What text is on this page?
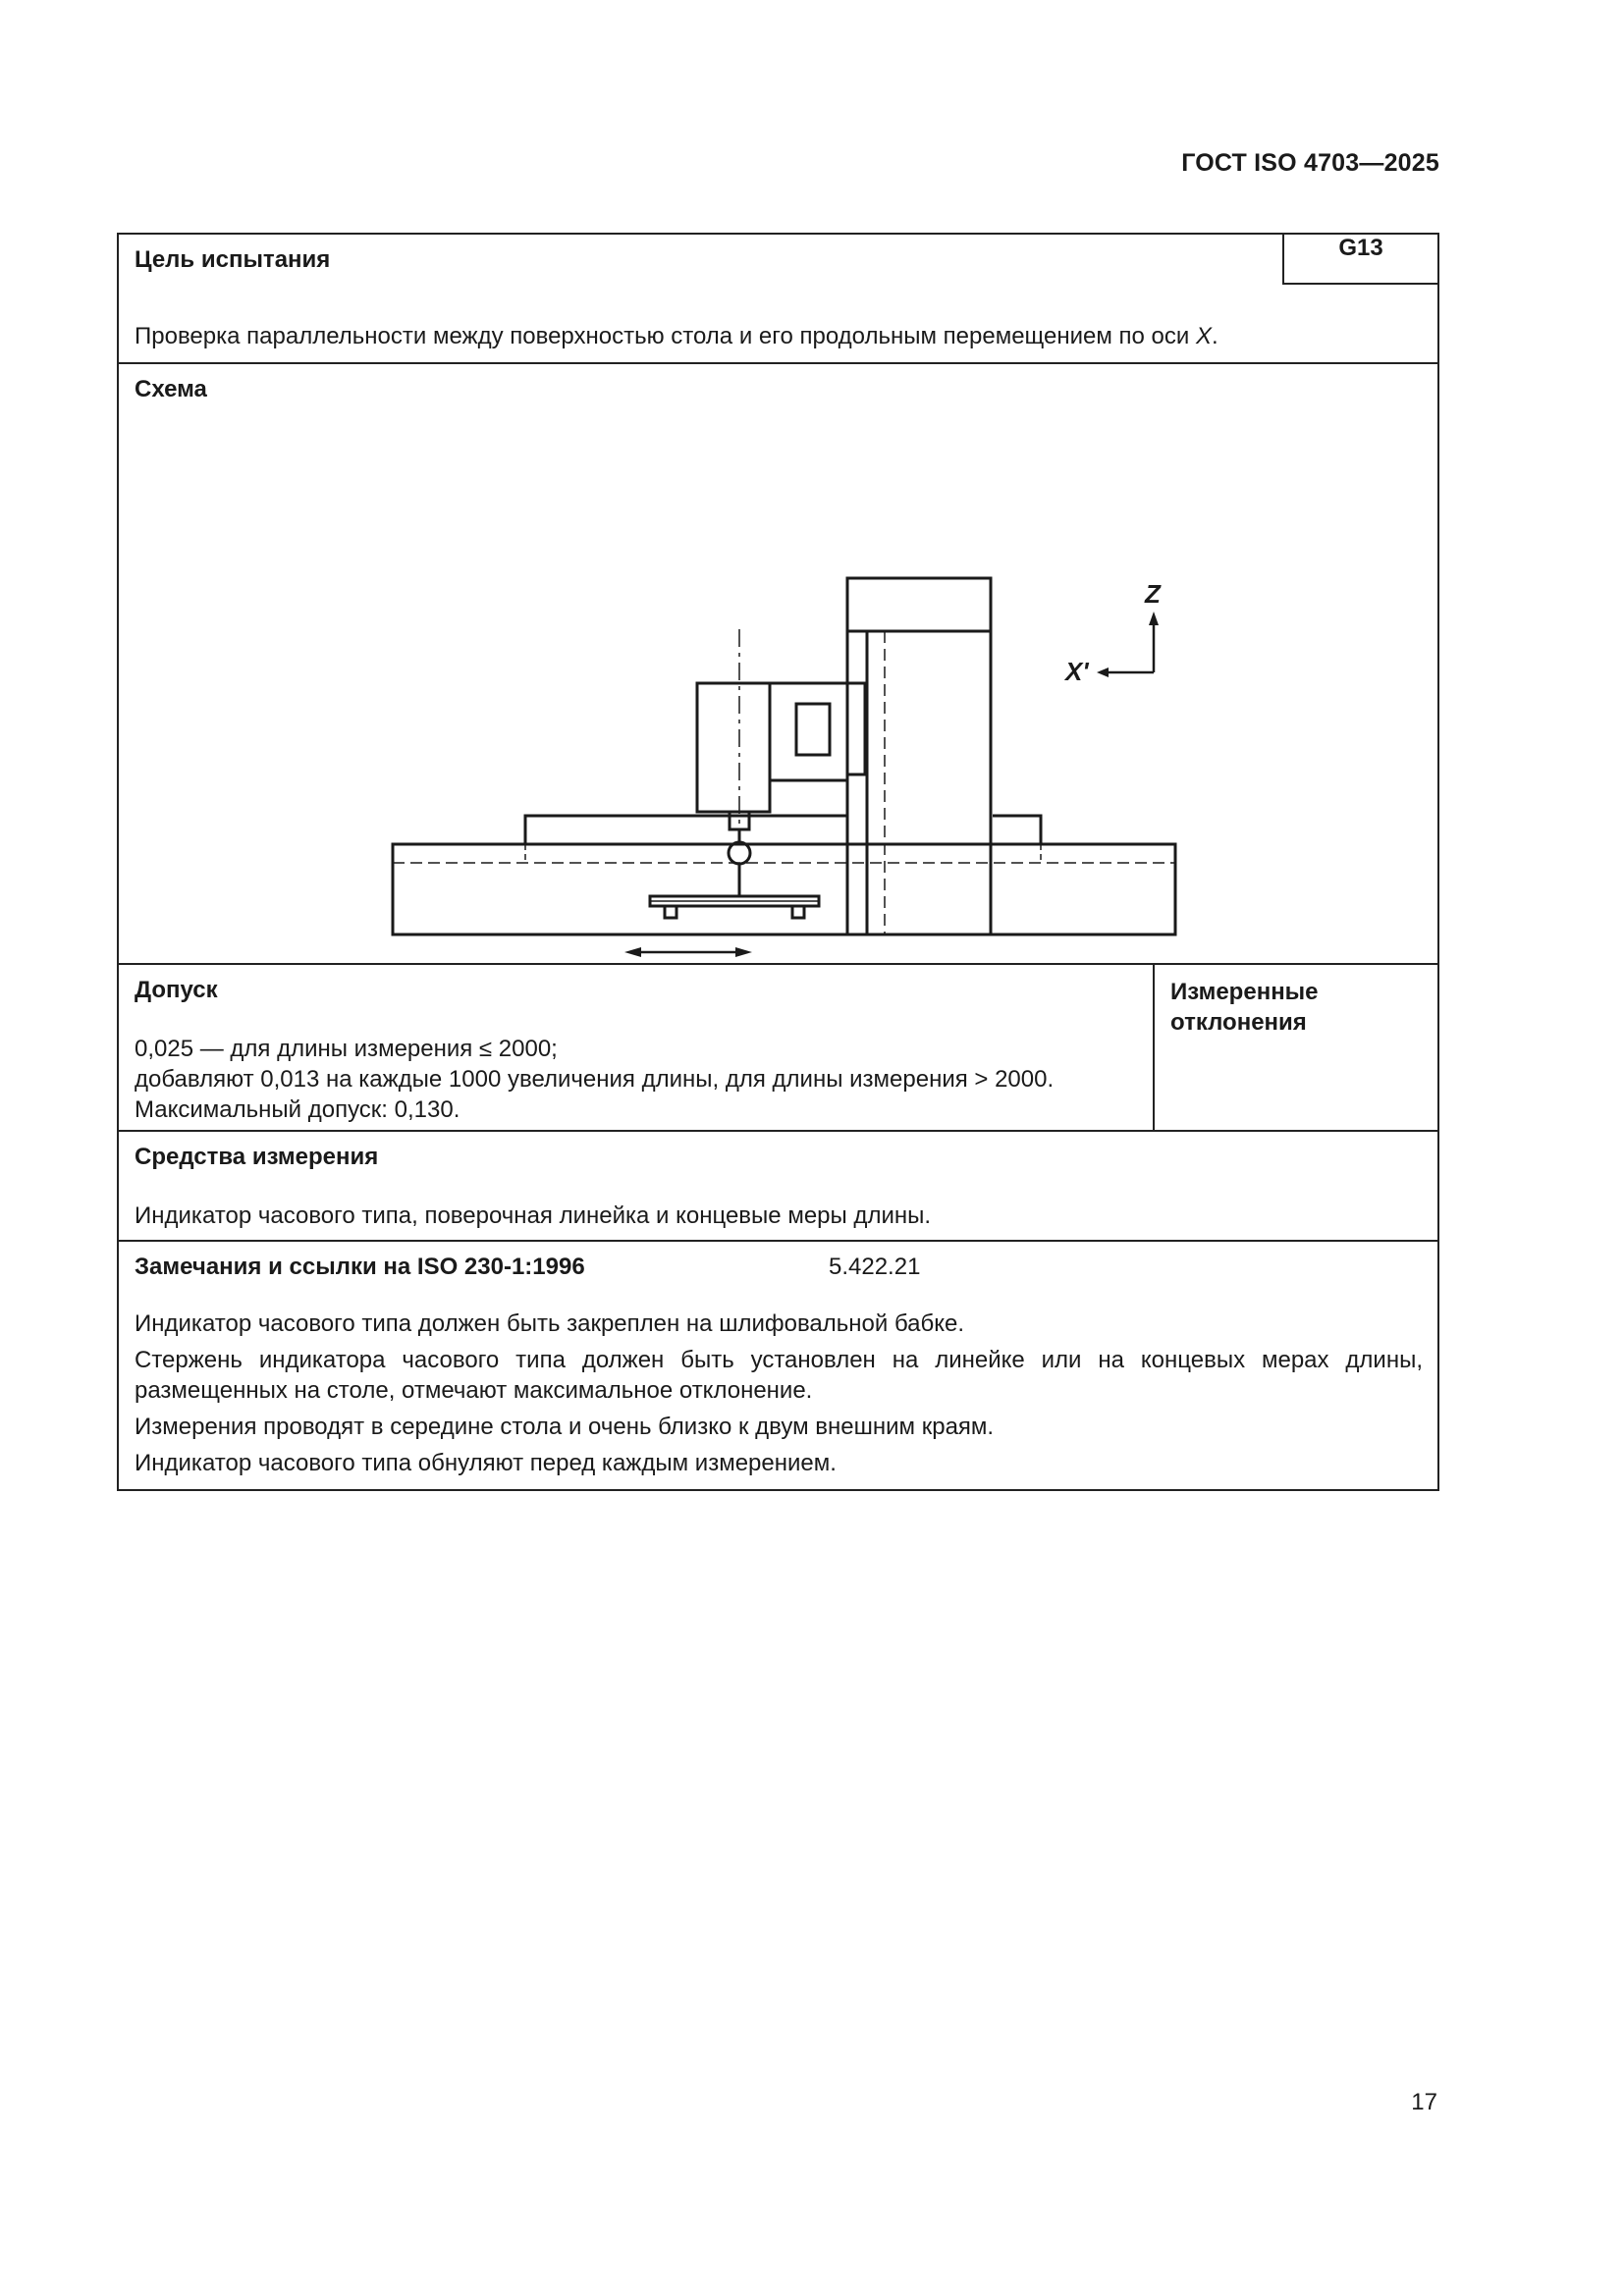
ГОСТ ISO 4703—2025
Цель испытания	G13
Проверка параллельности между поверхностью стола и его продольным перемещением по оси X.
Схема
Z
X'
Допуск

0,025 — для длины измерения ≤ 2000;

добавляют 0,013 на каждые 1000 увеличения длины, для длины измерения > 2000.

Максимальный допуск: 0,130.

Измеренные
отклонения
Средства измерения
Индикатор часового типа, поверочная линейка и концевые меры длины.
Замечания и ссылки на ISO 230-1:1996	5.422.21

Индикатор часового типа должен быть закреплен на шлифовальной бабке.

Стержень индикатора часового типа должен быть установлен на линейке или на концевых мерах длины, размещенных на столе, отмечают максимальное отклонение.

Измерения проводят в середине стола и очень близко к двум внешним краям.

Индикатор часового типа обнуляют перед каждым измерением.

17
